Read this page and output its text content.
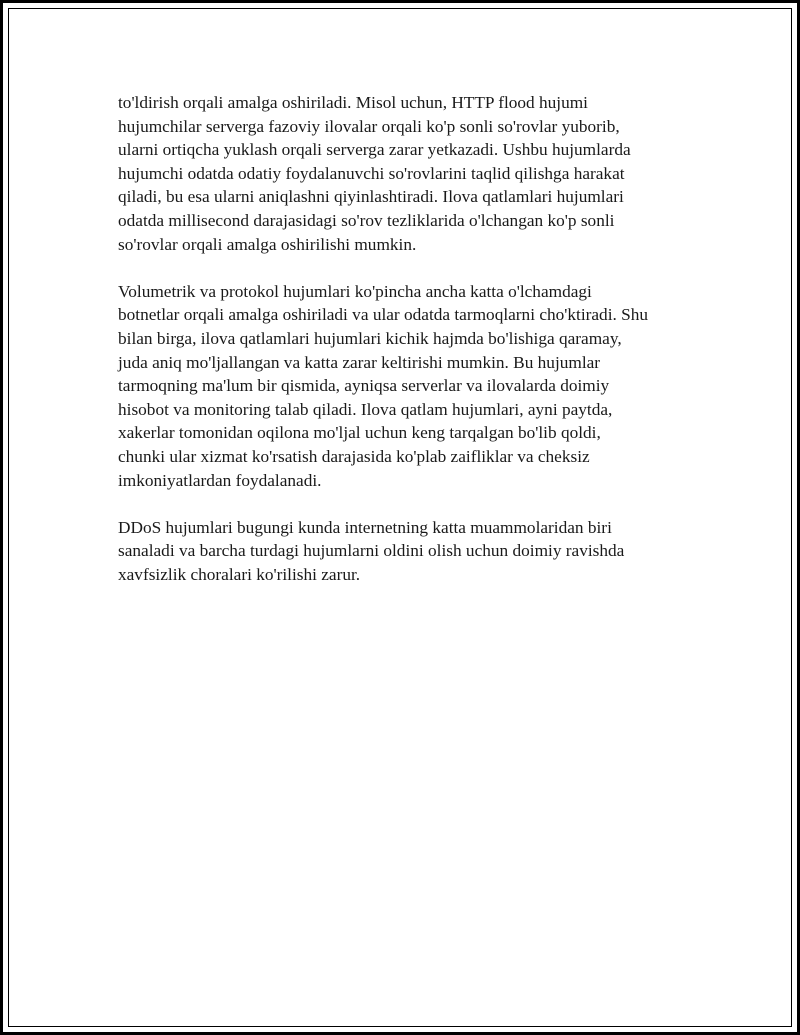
to'ldirish orqali amalga oshiriladi. Misol uchun, HTTP flood hujumi
hujumchilar serverga fazoviy ilovalar orqali ko'p sonli so'rovlar yuborib,
ularni ortiqcha yuklash orqali serverga zarar yetkazadi. Ushbu hujumlarda
hujumchi odatda odatiy foydalanuvchi so'rovlarini taqlid qilishga harakat
qiladi, bu esa ularni aniqlashni qiyinlashtiradi. Ilova qatlamlari hujumlari
odatda millisecond darajasidagi so'rov tezliklarida o'lchangan ko'p sonli
so'rovlar orqali amalga oshirilishi mumkin.

Volumetrik va protokol hujumlari ko'pincha ancha katta o'lchamdagi
botnetlar orqali amalga oshiriladi va ular odatda tarmoqlarni cho'ktiradi. Shu
bilan birga, ilova qatlamlari hujumlari kichik hajmda bo'lishiga qaramay,
juda aniq mo'ljallangan va katta zarar keltirishi mumkin. Bu hujumlar
tarmoqning ma'lum bir qismida, ayniqsa serverlar va ilovalarda doimiy
hisobot va monitoring talab qiladi. Ilova qatlam hujumlari, ayni paytda,
xakerlar tomonidan oqilona mo'ljal uchun keng tarqalgan bo'lib qoldi,
chunki ular xizmat ko'rsatish darajasida ko'plab zaifliklar va cheksiz
imkoniyatlardan foydalanadi.

DDoS hujumlari bugungi kunda internetning katta muammolaridan biri
sanaladi va barcha turdagi hujumlarni oldini olish uchun doimiy ravishda
xavfsizlik choralari ko'rilishi zarur.
